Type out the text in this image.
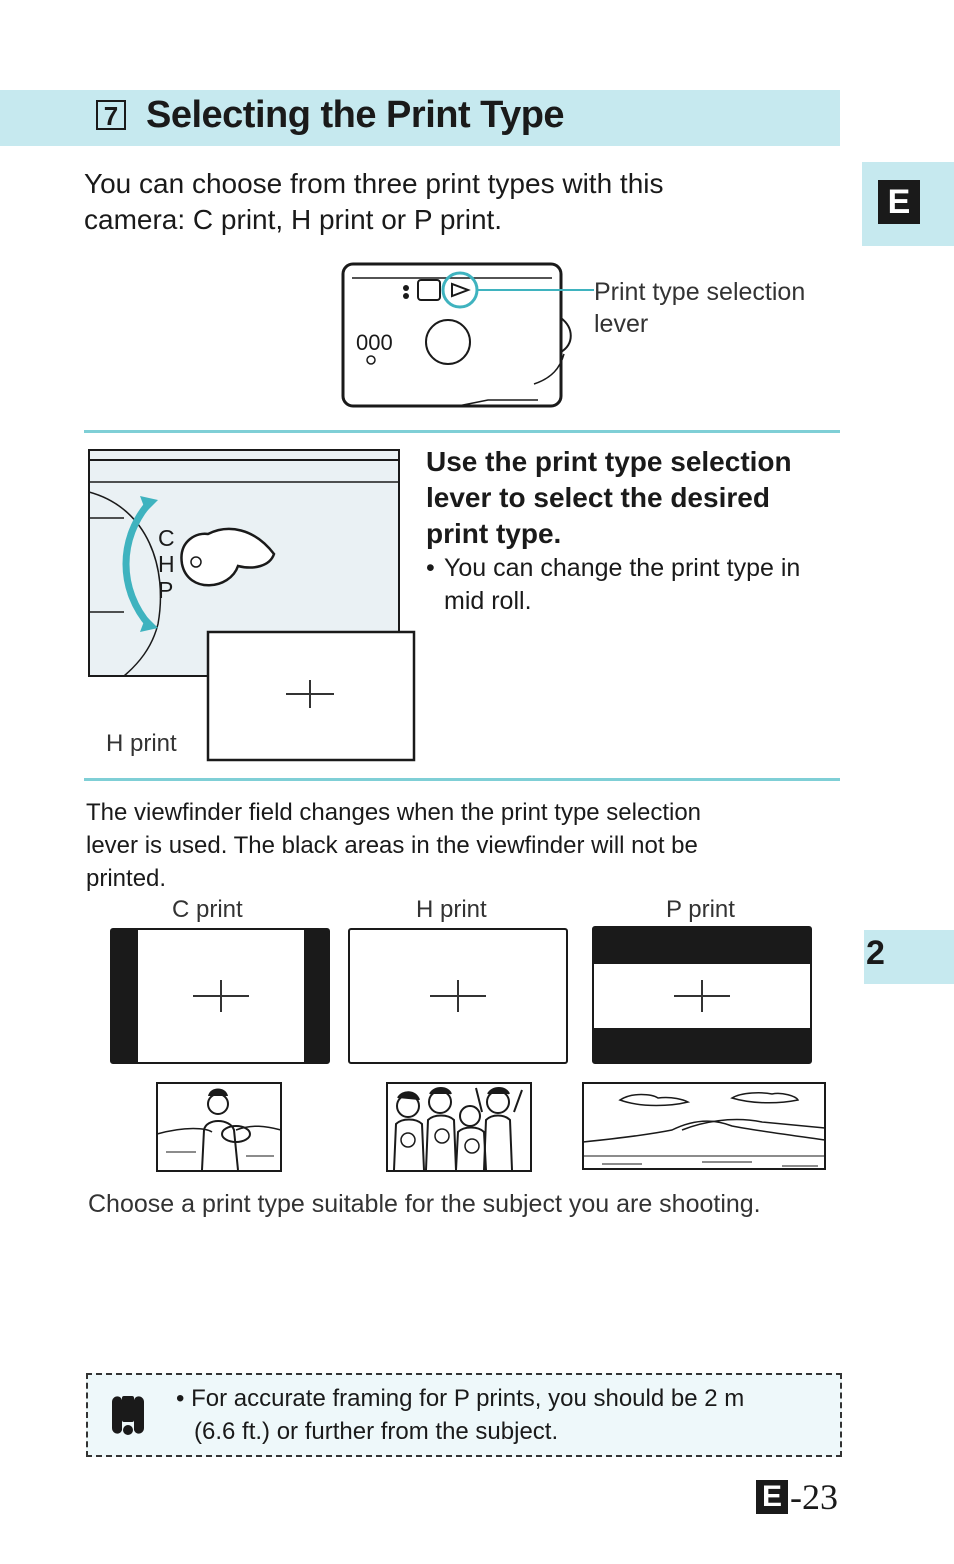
7 Selecting the Print Type
E
2
You can choose from three print types with this
camera: C print, H print or P print.
000
Print type selection
lever
C
H
P
H print
Use the print type selection
lever to select the desired
print type.
• You can change the print type in
mid roll.
The viewfinder field changes when the print type selection
lever is used. The black areas in the viewfinder will not be
printed.
C print	H print	P print
Choose a print type suitable for the subject you are shooting.
• For accurate framing for P prints, you should be 2 m
(6.6 ft.) or further from the subject.
E -23
